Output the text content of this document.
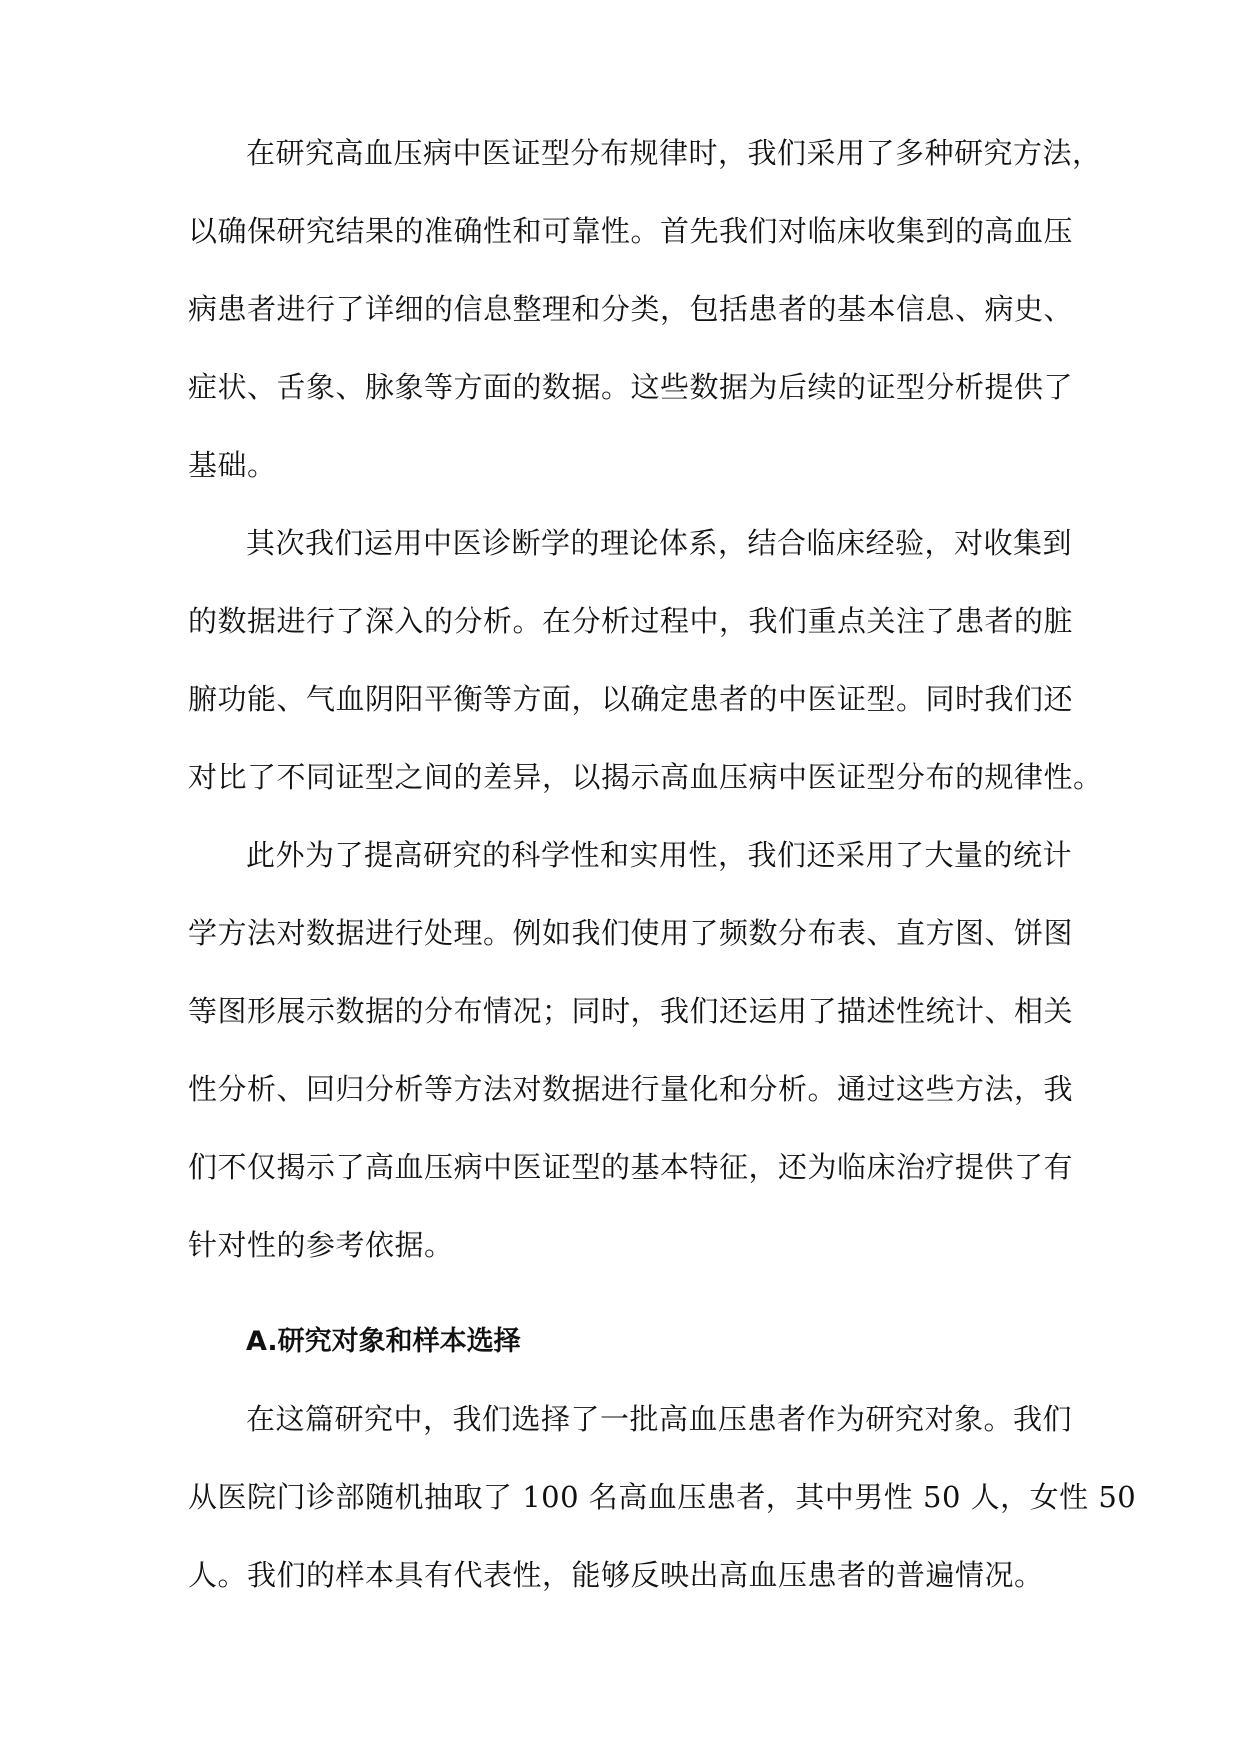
在研究高血压病中医证型分布规律时，我们采用了多种研究方法，
以确保研究结果的准确性和可靠性。首先我们对临床收集到的高血压
病患者进行了详细的信息整理和分类，包括患者的基本信息、病史、
症状、舌象、脉象等方面的数据。这些数据为后续的证型分析提供了
基础。
其次我们运用中医诊断学的理论体系，结合临床经验，对收集到
的数据进行了深入的分析。在分析过程中，我们重点关注了患者的脏
腑功能、气血阴阳平衡等方面，以确定患者的中医证型。同时我们还
对比了不同证型之间的差异，以揭示高血压病中医证型分布的规律性。
此外为了提高研究的科学性和实用性，我们还采用了大量的统计
学方法对数据进行处理。例如我们使用了频数分布表、直方图、饼图
等图形展示数据的分布情况；同时，我们还运用了描述性统计、相关
性分析、回归分析等方法对数据进行量化和分析。通过这些方法，我
们不仅揭示了高血压病中医证型的基本特征，还为临床治疗提供了有
针对性的参考依据。
A.研究对象和样本选择
在这篇研究中，我们选择了一批高血压患者作为研究对象。我们
从医院门诊部随机抽取了 100 名高血压患者，其中男性 50 人，女性 50
人。我们的样本具有代表性，能够反映出高血压患者的普遍情况。
